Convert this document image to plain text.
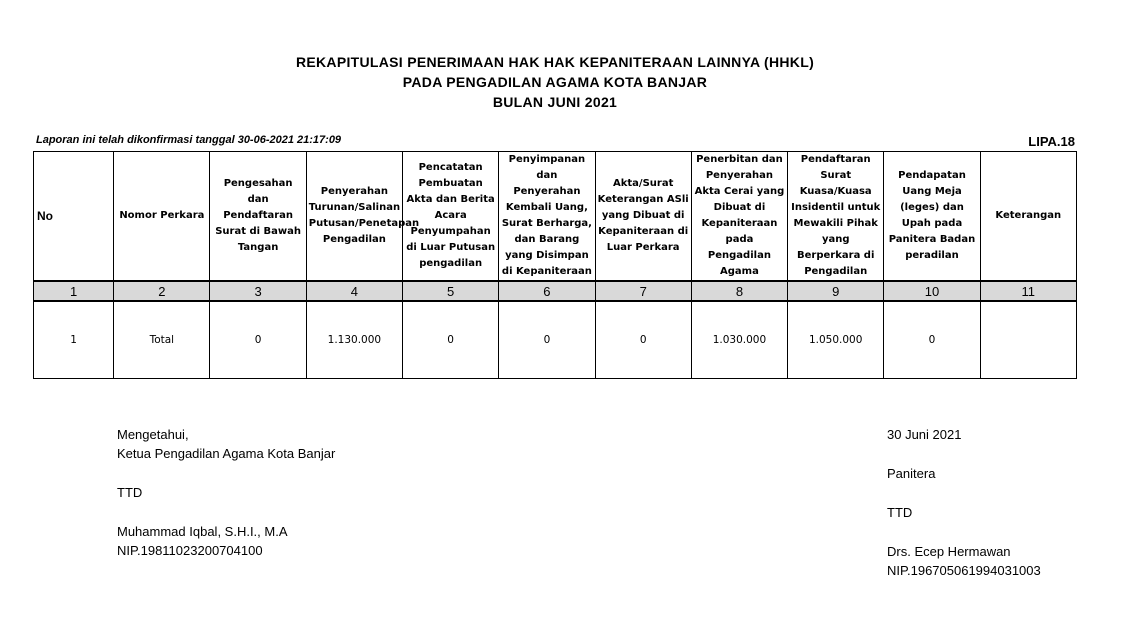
REKAPITULASI PENERIMAAN HAK HAK KEPANITERAAN LAINNYA (HHKL)
PADA PENGADILAN AGAMA KOTA BANJAR
BULAN JUNI 2021
Laporan ini telah dikonfirmasi tanggal 30-06-2021 21:17:09	LIPA.18
No	Nomor Perkara	Pengesahan dan Pendaftaran Surat di Bawah Tangan	Penyerahan Turunan/Salinan Putusan/Penetapan Pengadilan	Pencatatan Pembuatan Akta dan Berita Acara Penyumpahan di Luar Putusan pengadilan	Penyimpanan dan Penyerahan Kembali Uang, Surat Berharga, dan Barang yang Disimpan di Kepaniteraan	Akta/Surat Keterangan ASli yang Dibuat di Kepaniteraan di Luar Perkara	Penerbitan dan Penyerahan Akta Cerai yang Dibuat di Kepaniteraan pada Pengadilan Agama	Pendaftaran Surat Kuasa/Kuasa Insidentil untuk Mewakili Pihak yang Berperkara di Pengadilan	Pendapatan Uang Meja (leges) dan Upah pada Panitera Badan peradilan	Keterangan
1	2	3	4	5	6	7	8	9	10	11
1	Total	0	1.130.000	0	0	0	1.030.000	1.050.000	0	
Mengetahui,
Ketua Pengadilan Agama Kota Banjar
TTD
Muhammad Iqbal, S.H.I., M.A
NIP.19811023200704100
30 Juni 2021
Panitera
TTD
Drs. Ecep Hermawan
NIP.196705061994031003
